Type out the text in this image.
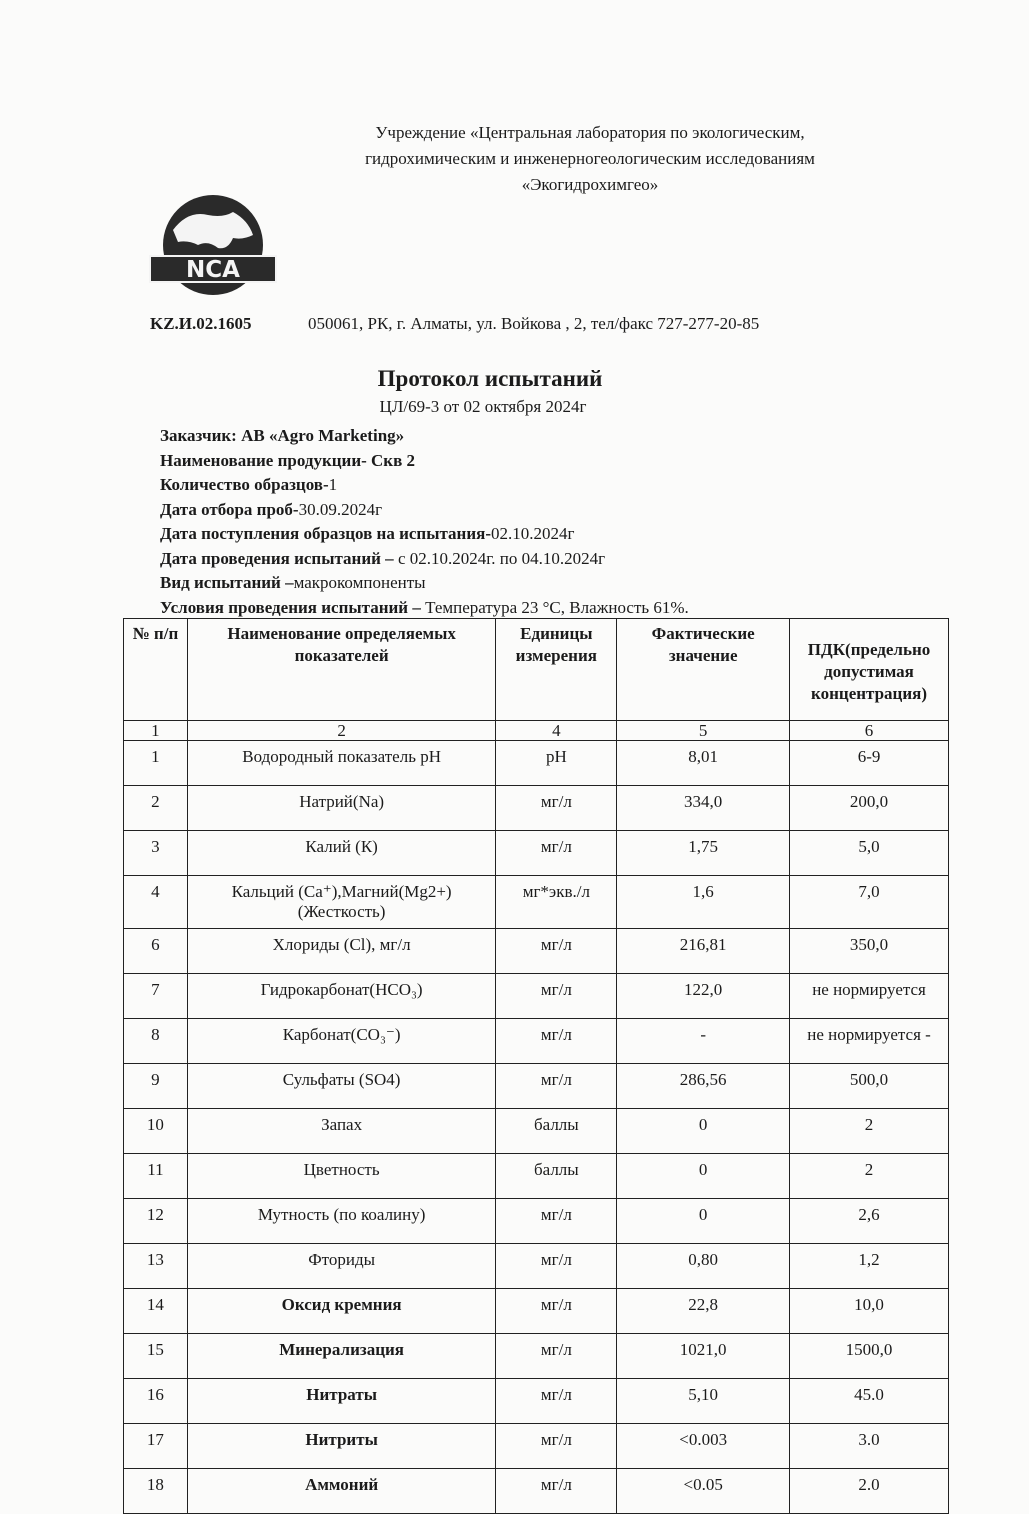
Учреждение «Центральная лаборатория по экологическим,
гидрохимическим и инженерногеологическим исследованиям
«Экогидрохимгео»
NCA
KZ.И.02.1605	050061, РК, г. Алматы, ул. Войкова , 2, тел/факс 727-277-20-85
Протокол испытаний
ЦЛ/69-3 от 02 октября 2024г
Заказчик: АВ «Agro Marketing»
Наименование продукции- Скв 2
Количество образцов-1
Дата отбора проб-30.09.2024г
Дата поступления образцов на испытания-02.10.2024г
Дата проведения испытаний – с 02.10.2024г. по 04.10.2024г
Вид испытаний –макрокомпоненты
Условия проведения испытаний – Температура 23 °С, Влажность 61%.
№ п/п	Наименование определяемых показателей	Единицы измерения	Фактические значение	ПДК(предельно допустимая концентрация)
1	2	4	5	6
1	Водородный показатель рН	pH	8,01	6-9
2	Натрий(Na)	мг/л	334,0	200,0
3	Калий (К)	мг/л	1,75	5,0
4	Кальций (Ca⁺),Магний(Mg2+)(Жесткость)	мг*экв./л	1,6	7,0
6	Хлориды (Cl), мг/л	мг/л	216,81	350,0
7	Гидрокарбонат(HCO₃)	мг/л	122,0	не нормируется
8	Карбонат(CO₃⁻)	мг/л	-	не нормируется -
9	Сульфаты (SO4)	мг/л	286,56	500,0
10	Запах	баллы	0	2
11	Цветность	баллы	0	2
12	Мутность (по коалину)	мг/л	0	2,6
13	Фториды	мг/л	0,80	1,2
14	Оксид кремния	мг/л	22,8	10,0
15	Минерализация	мг/л	1021,0	1500,0
16	Нитраты	мг/л	5,10	45.0
17	Нитриты	мг/л	<0.003	3.0
18	Аммоний	мг/л	<0.05	2.0
